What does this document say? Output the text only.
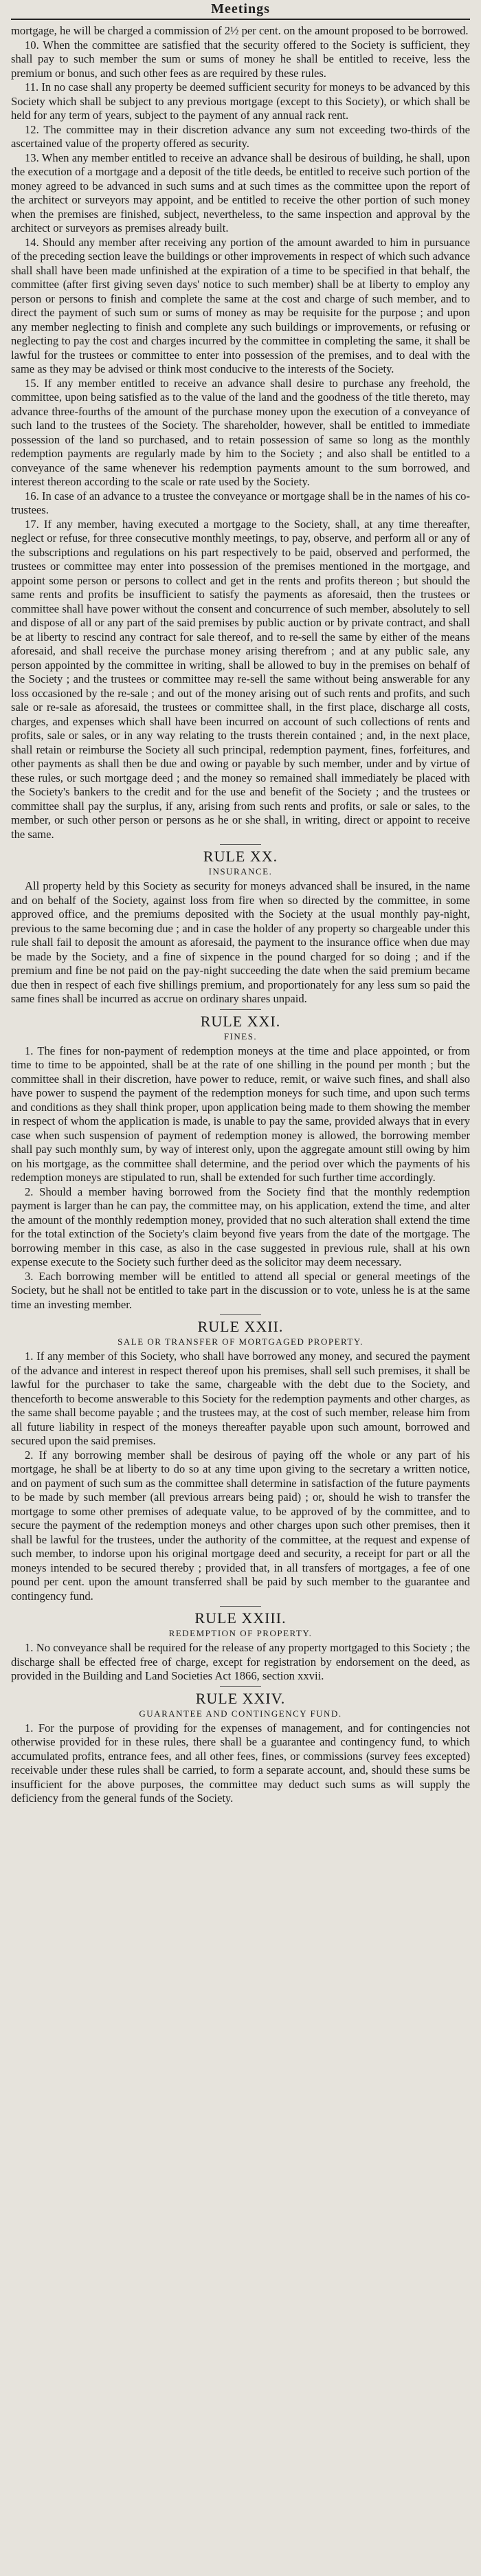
Meetings

mortgage, he will be charged a commission of 2½ per cent. on the amount proposed to be borrowed.

10. When the committee are satisfied that the security offered to the Society is sufficient, they shall pay to such member the sum or sums of money he shall be entitled to receive, less the premium or bonus, and such other fees as are required by these rules.

11. In no case shall any property be deemed sufficient security for moneys to be advanced by this Society which shall be subject to any previous mortgage (except to this Society), or which shall be held for any term of years, subject to the payment of any annual rack rent.

12. The committee may in their discretion advance any sum not exceeding two-thirds of the ascertained value of the property offered as security.

13. When any member entitled to receive an advance shall be desirous of building, he shall, upon the execution of a mortgage and a deposit of the title deeds, be entitled to receive such portion of the money agreed to be advanced in such sums and at such times as the committee upon the report of the architect or surveyors may appoint, and be entitled to receive the other portion of such money when the premises are finished, subject, nevertheless, to the same inspection and approval by the architect or surveyors as premises already built.

14. Should any member after receiving any portion of the amount awarded to him in pursuance of the preceding section leave the buildings or other improvements in respect of which such advance shall shall have been made unfinished at the expiration of a time to be specified in that behalf, the committee (after first giving seven days' notice to such member) shall be at liberty to employ any person or persons to finish and complete the same at the cost and charge of such member, and to direct the payment of such sum or sums of money as may be requisite for the purpose ; and upon any member neglecting to finish and complete any such buildings or improvements, or refusing or neglecting to pay the cost and charges incurred by the committee in completing the same, it shall be lawful for the trustees or committee to enter into possession of the premises, and to deal with the same as they may be advised or think most conducive to the interests of the Society.

15. If any member entitled to receive an advance shall desire to purchase any freehold, the committee, upon being satisfied as to the value of the land and the goodness of the title thereto, may advance three-fourths of the amount of the purchase money upon the execution of a conveyance of such land to the trustees of the Society. The shareholder, however, shall be entitled to immediate possession of the land so purchased, and to retain possession of same so long as the monthly redemption payments are regularly made by him to the Society ; and also shall be entitled to a conveyance of the same whenever his redemption payments amount to the sum borrowed, and interest thereon according to the scale or rate used by the Society.

16. In case of an advance to a trustee the conveyance or mortgage shall be in the names of his co-trustees.

17. If any member, having executed a mortgage to the Society, shall, at any time thereafter, neglect or refuse, for three consecutive monthly meetings, to pay, observe, and perform all or any of the subscriptions and regulations on his part respectively to be paid, observed and performed, the trustees or committee may enter into possession of the premises mentioned in the mortgage, and appoint some person or persons to collect and get in the rents and profits thereon ; but should the same rents and profits be insufficient to satisfy the payments as aforesaid, then the trustees or committee shall have power without the consent and concurrence of such member, absolutely to sell and dispose of all or any part of the said premises by public auction or by private contract, and shall be at liberty to rescind any contract for sale thereof, and to re-sell the same by either of the means aforesaid, and shall receive the purchase money arising therefrom ; and at any public sale, any person appointed by the committee in writing, shall be allowed to buy in the premises on behalf of the Society ; and the trustees or committee may re-sell the same without being answerable for any loss occasioned by the re-sale ; and out of the money arising out of such rents and profits, and such sale or re-sale as aforesaid, the trustees or committee shall, in the first place, discharge all costs, charges, and expenses which shall have been incurred on account of such collections of rents and profits, sale or sales, or in any way relating to the trusts therein contained ; and, in the next place, shall retain or reimburse the Society all such principal, redemption payment, fines, forfeitures, and other payments as shall then be due and owing or payable by such member, under and by virtue of these rules, or such mortgage deed ; and the money so remained shall immediately be placed with the Society's bankers to the credit and for the use and benefit of the Society ; and the trustees or committee shall pay the surplus, if any, arising from such rents and profits, or sale or sales, to the member, or such other person or persons as he or she shall, in writing, direct or appoint to receive the same.

RULE XX.
INSURANCE.

All property held by this Society as security for moneys advanced shall be insured, in the name and on behalf of the Society, against loss from fire when so directed by the committee, in some approved office, and the premiums deposited with the Society at the usual monthly pay-night, previous to the same becoming due ; and in case the holder of any property so chargeable under this rule shall fail to deposit the amount as aforesaid, the payment to the insurance office when due may be made by the Society, and a fine of sixpence in the pound charged for so doing ; and if the premium and fine be not paid on the pay-night succeeding the date when the said premium became due then in respect of each five shillings premium, and proportionately for any less sum so paid the same fines shall be incurred as accrue on ordinary shares unpaid.

RULE XXI.
FINES.

1. The fines for non-payment of redemption moneys at the time and place appointed, or from time to time to be appointed, shall be at the rate of one shilling in the pound per month ; but the committee shall in their discretion, have power to reduce, remit, or waive such fines, and shall also have power to suspend the payment of the redemption moneys for such time, and upon such terms and conditions as they shall think proper, upon application being made to them showing the member in respect of whom the application is made, is unable to pay the same, provided always that in every case when such suspension of payment of redemption money is allowed, the borrowing member shall pay such monthly sum, by way of interest only, upon the aggregate amount still owing by him on his mortgage, as the committee shall determine, and the period over which the payments of his redemption moneys are stipulated to run, shall be extended for such further time accordingly.

2. Should a member having borrowed from the Society find that the monthly redemption payment is larger than he can pay, the committee may, on his application, extend the time, and alter the amount of the monthly redemption money, provided that no such alteration shall extend the time for the total extinction of the Society's claim beyond five years from the date of the mortgage. The borrowing member in this case, as also in the case suggested in previous rule, shall at his own expense execute to the Society such further deed as the solicitor may deem necessary.

3. Each borrowing member will be entitled to attend all special or general meetings of the Society, but he shall not be entitled to take part in the discussion or to vote, unless he is at the same time an investing member.

RULE XXII.
SALE OR TRANSFER OF MORTGAGED PROPERTY.

1. If any member of this Society, who shall have borrowed any money, and secured the payment of the advance and interest in respect thereof upon his premises, shall sell such premises, it shall be lawful for the purchaser to take the same, chargeable with the debt due to the Society, and thenceforth to become answerable to this Society for the redemption payments and other charges, as the same shall become payable ; and the trustees may, at the cost of such member, release him from all future liability in respect of the moneys thereafter payable upon such amount, borrowed and secured upon the said premises.

2. If any borrowing member shall be desirous of paying off the whole or any part of his mortgage, he shall be at liberty to do so at any time upon giving to the secretary a written notice, and on payment of such sum as the committee shall determine in satisfaction of the future payments to be made by such member (all previous arrears being paid) ; or, should he wish to transfer the mortgage to some other premises of adequate value, to be approved of by the committee, and to secure the payment of the redemption moneys and other charges upon such other premises, then it shall be lawful for the trustees, under the authority of the committee, at the request and expense of such member, to indorse upon his original mortgage deed and security, a receipt for part or all the moneys intended to be secured thereby ; provided that, in all transfers of mortgages, a fee of one pound per cent. upon the amount transferred shall be paid by such member to the guarantee and contingency fund.

RULE XXIII.
REDEMPTION OF PROPERTY.

1. No conveyance shall be required for the release of any property mortgaged to this Society ; the discharge shall be effected free of charge, except for registration by endorsement on the deed, as provided in the Building and Land Societies Act 1866, section xxvii.

RULE XXIV.
GUARANTEE AND CONTINGENCY FUND.

1. For the purpose of providing for the expenses of management, and for contingencies not otherwise provided for in these rules, there shall be a guarantee and contingency fund, to which accumulated profits, entrance fees, and all other fees, fines, or commissions (survey fees excepted) receivable under these rules shall be carried, to form a separate account, and, should these sums be insufficient for the above purposes, the committee may deduct such sums as will supply the deficiency from the general funds of the Society.
